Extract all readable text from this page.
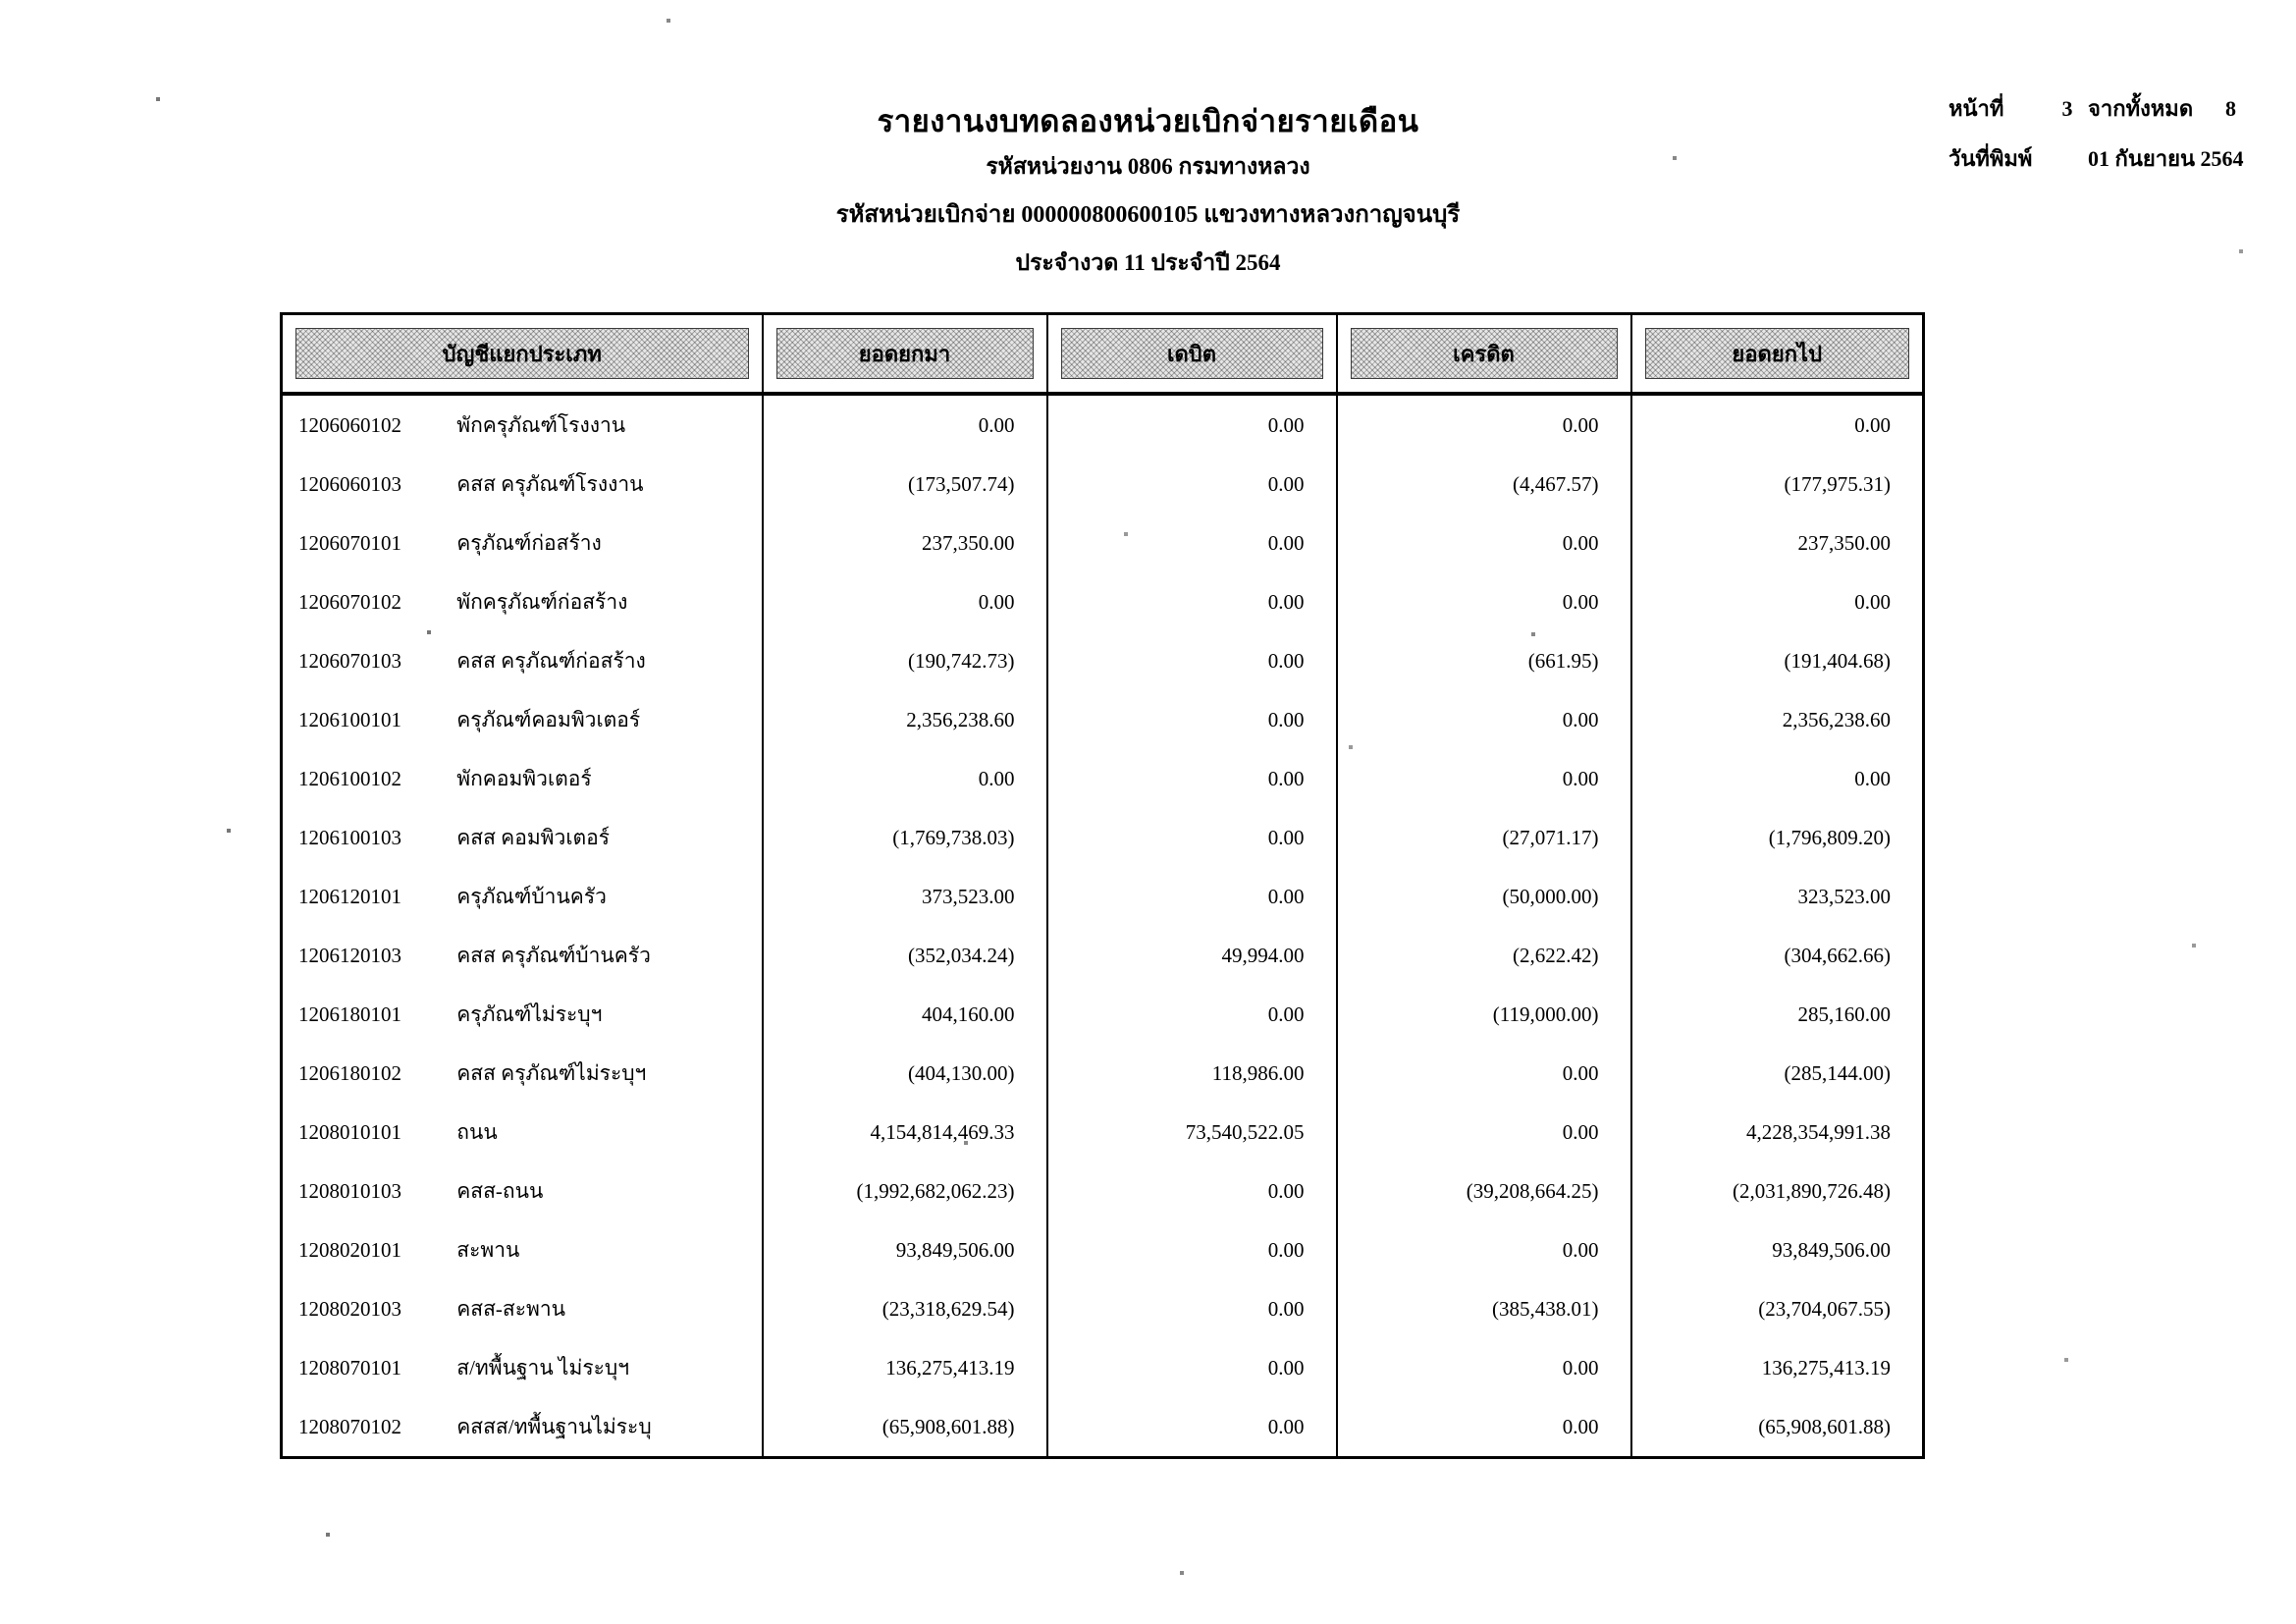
รายงานงบทดลองหน่วยเบิกจ่ายรายเดือน
รหัสหน่วยงาน 0806 กรมทางหลวง
รหัสหน่วยเบิกจ่าย 000000800600105 แขวงทางหลวงกาญจนบุรี
ประจำงวด 11 ประจำปี 2564
หน้าที่	3 จากทั้งหมด	8
วันที่พิมพ์	01 กันยายน 2564
บัญชีแยกประเภท	ยอดยกมา	เดบิต	เครดิต	ยอดยกไป

1206060102 พักครุภัณฑ์โรงงาน	0.00	0.00	0.00	0.00
1206060103 คสส ครุภัณฑ์โรงงาน	(173,507.74)	0.00	(4,467.57)	(177,975.31)
1206070101 ครุภัณฑ์ก่อสร้าง	237,350.00	0.00	0.00	237,350.00
1206070102 พักครุภัณฑ์ก่อสร้าง	0.00	0.00	0.00	0.00
1206070103 คสส ครุภัณฑ์ก่อสร้าง	(190,742.73)	0.00	(661.95)	(191,404.68)
1206100101 ครุภัณฑ์คอมพิวเตอร์	2,356,238.60	0.00	0.00	2,356,238.60
1206100102 พักคอมพิวเตอร์	0.00	0.00	0.00	0.00
1206100103 คสส คอมพิวเตอร์	(1,769,738.03)	0.00	(27,071.17)	(1,796,809.20)
1206120101 ครุภัณฑ์บ้านครัว	373,523.00	0.00	(50,000.00)	323,523.00
1206120103 คสส ครุภัณฑ์บ้านครัว	(352,034.24)	49,994.00	(2,622.42)	(304,662.66)
1206180101 ครุภัณฑ์ไม่ระบุฯ	404,160.00	0.00	(119,000.00)	285,160.00
1206180102 คสส ครุภัณฑ์ไม่ระบุฯ	(404,130.00)	118,986.00	0.00	(285,144.00)
1208010101 ถนน	4,154,814,469.33	73,540,522.05	0.00	4,228,354,991.38
1208010103 คสส-ถนน	(1,992,682,062.23)	0.00	(39,208,664.25)	(2,031,890,726.48)
1208020101 สะพาน	93,849,506.00	0.00	0.00	93,849,506.00
1208020103 คสส-สะพาน	(23,318,629.54)	0.00	(385,438.01)	(23,704,067.55)
1208070101 ส/ทพื้นฐาน ไม่ระบุฯ	136,275,413.19	0.00	0.00	136,275,413.19
1208070102 คสสส/ทพื้นฐานไม่ระบุ	(65,908,601.88)	0.00	0.00	(65,908,601.88)
